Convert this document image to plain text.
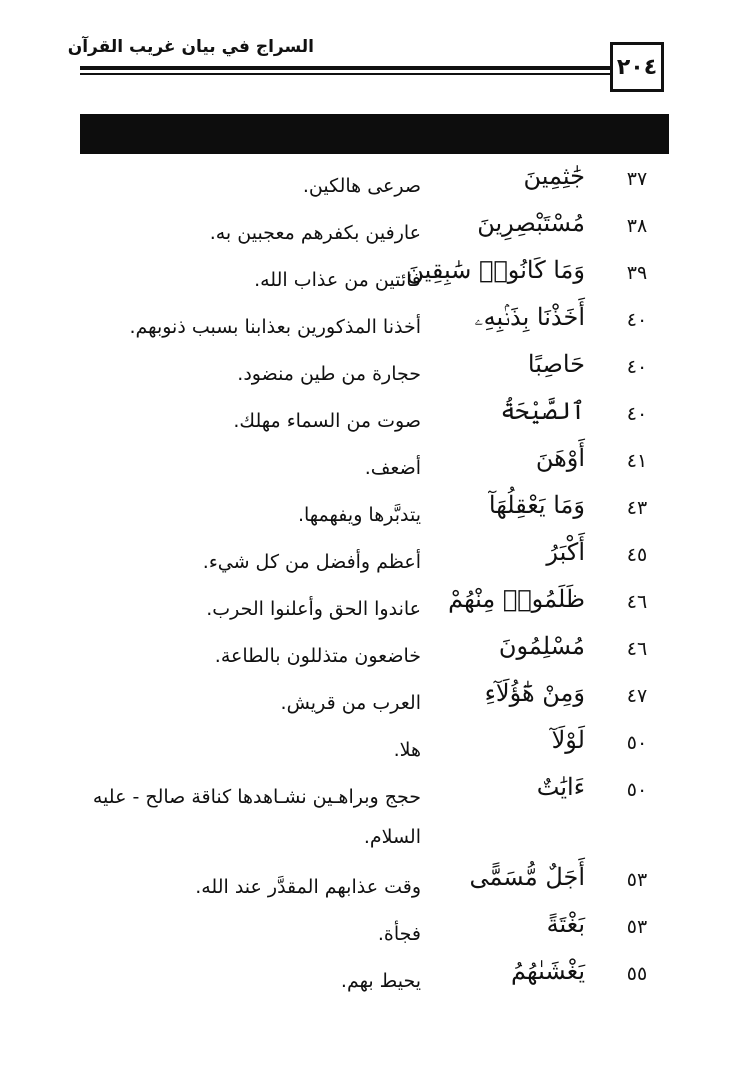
السراج في بيان غريب القرآن
٢٠٤
٣٧
جَٰثِمِينَ
صرعى هالكين.
٣٨
مُسْتَبْصِرِينَ
عارفين بكفرهم معجبين به.
٣٩
وَمَا كَانُوا۟ سَٰبِقِينَ
فائتين من عذاب الله.
٤٠
أَخَذْنَا بِذَنۢبِهِۦ
أخذنا المذكورين بعذابنا بسبب ذنوبهم.
٤٠
حَاصِبًا
حجارة من طين منضود.
٤٠
ٱلصَّيْحَةُ
صوت من السماء مهلك.
٤١
أَوْهَنَ
أضعف.
٤٣
وَمَا يَعْقِلُهَآ
يتدبَّرها ويفهمها.
٤٥
أَكْبَرُ
أعظم وأفضل من كل شيء.
٤٦
ظَلَمُوا۟ مِنْهُمْ
عاندوا الحق وأعلنوا الحرب.
٤٦
مُسْلِمُونَ
خاضعون متذللون بالطاعة.
٤٧
وَمِنْ هَٰٓؤُلَآءِ
العرب من قريش.
٥٠
لَوْلَآ
هلا.
٥٠
ءَايَٰتٌ
حجج وبراهـين نشـاهدها كناقة صالح - عليه السلام.
٥٣
أَجَلٌ مُّسَمًّى
وقت عذابهم المقدَّر عند الله.
٥٣
بَغْتَةً
فجأة.
٥٥
يَغْشَىٰهُمُ
يحيط بهم.
